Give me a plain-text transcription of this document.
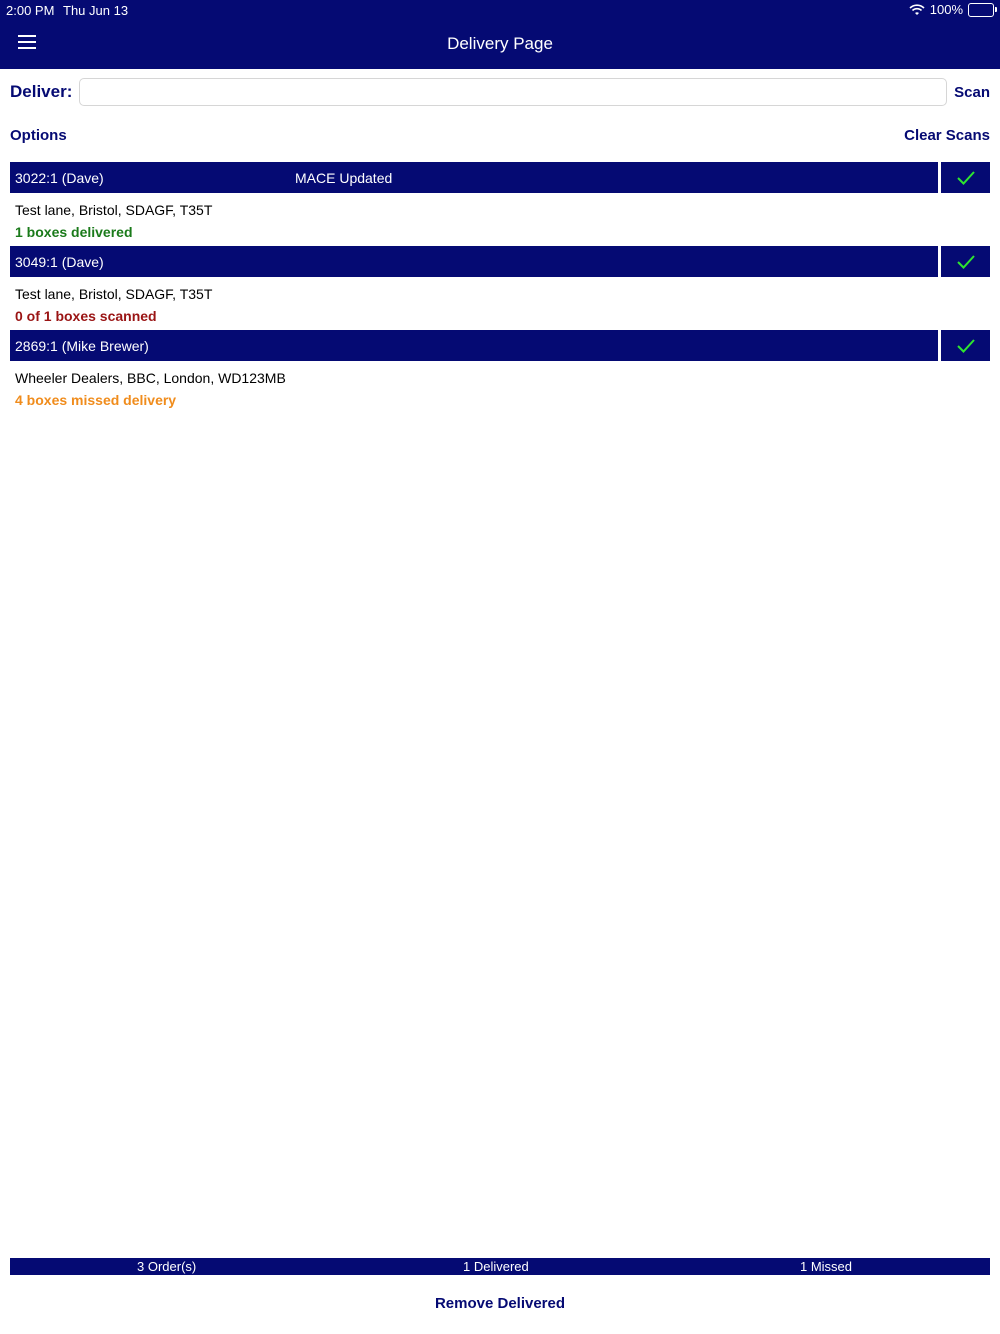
2:00 PM Thu Jun 13	100%
Delivery Page
Deliver:	Scan
Options	Clear Scans
3022:1 (Dave)	MACE Updated
Test lane, Bristol, SDAGF, T35T
1 boxes delivered
3049:1 (Dave)
Test lane, Bristol, SDAGF, T35T
0 of 1 boxes scanned
2869:1 (Mike Brewer)
Wheeler Dealers, BBC, London, WD123MB
4 boxes missed delivery
3 Order(s)	1 Delivered	1 Missed
Remove Delivered
